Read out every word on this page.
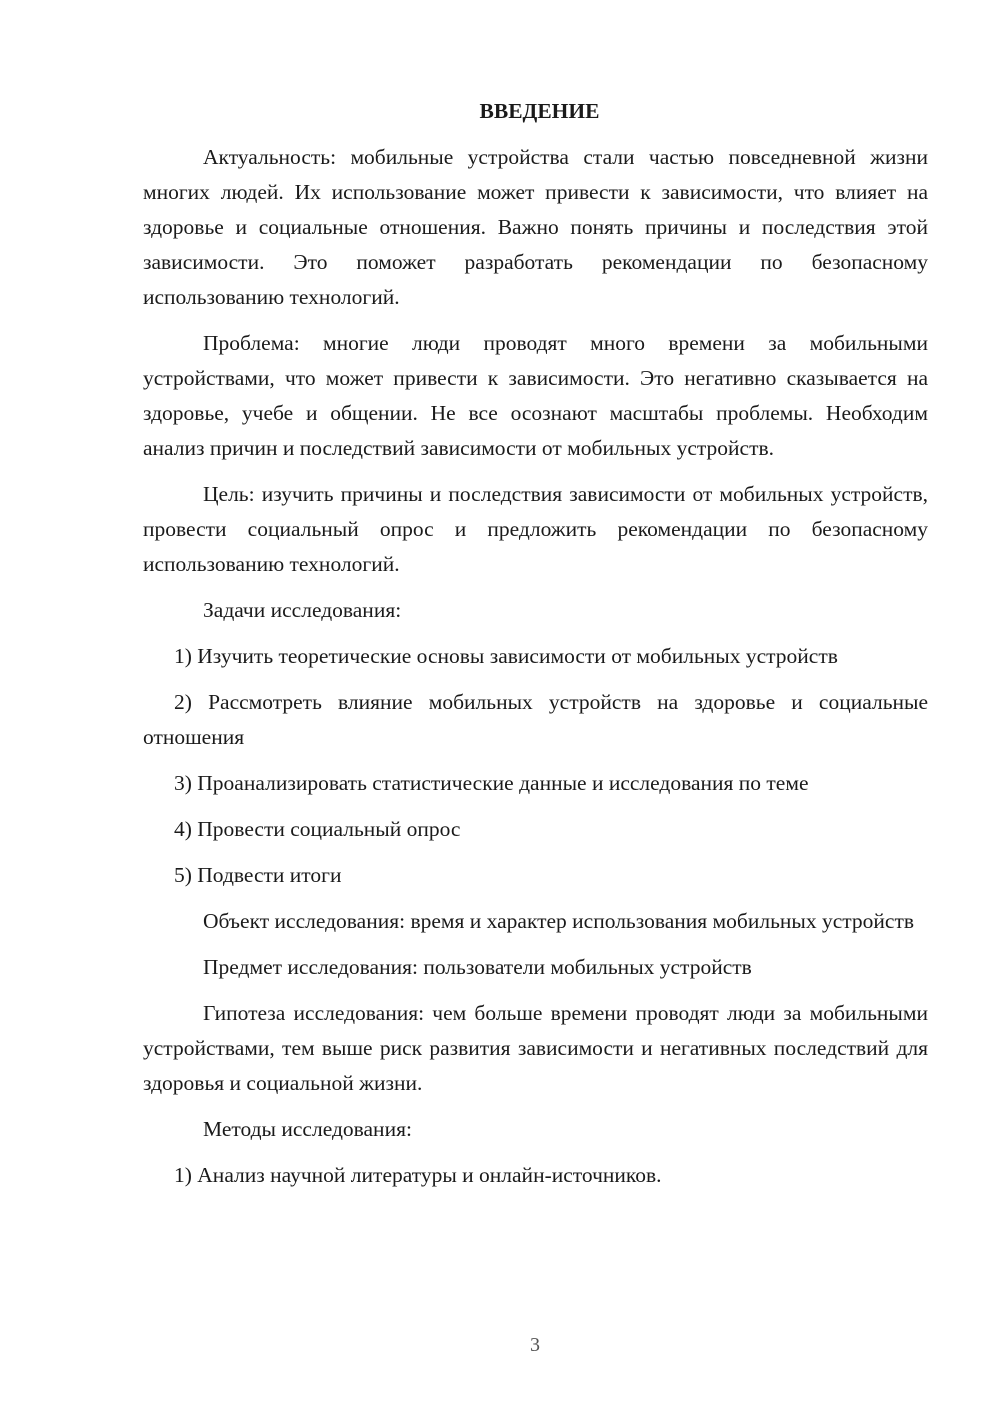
ВВЕДЕНИЕ

Актуальность: мобильные устройства стали частью повседневной жизни многих людей. Их использование может привести к зависимости, что влияет на здоровье и социальные отношения. Важно понять причины и последствия этой зависимости. Это поможет разработать рекомендации по безопасному использованию технологий.

Проблема: многие люди проводят много времени за мобильными устройствами, что может привести к зависимости. Это негативно сказывается на здоровье, учебе и общении. Не все осознают масштабы проблемы. Необходим анализ причин и последствий зависимости от мобильных устройств.

Цель: изучить причины и последствия зависимости от мобильных устройств, провести социальный опрос и предложить рекомендации по безопасному использованию технологий.

Задачи исследования:

1) Изучить теоретические основы зависимости от мобильных устройств

2) Рассмотреть влияние мобильных устройств на здоровье и социальные отношения

3) Проанализировать статистические данные и исследования по теме

4) Провести социальный опрос

5) Подвести итоги

Объект исследования: время и характер использования мобильных устройств

Предмет исследования: пользователи мобильных устройств

Гипотеза исследования: чем больше времени проводят люди за мобильными устройствами, тем выше риск развития зависимости и негативных последствий для здоровья и социальной жизни.

Методы исследования:

1) Анализ научной литературы и онлайн-источников.

3
